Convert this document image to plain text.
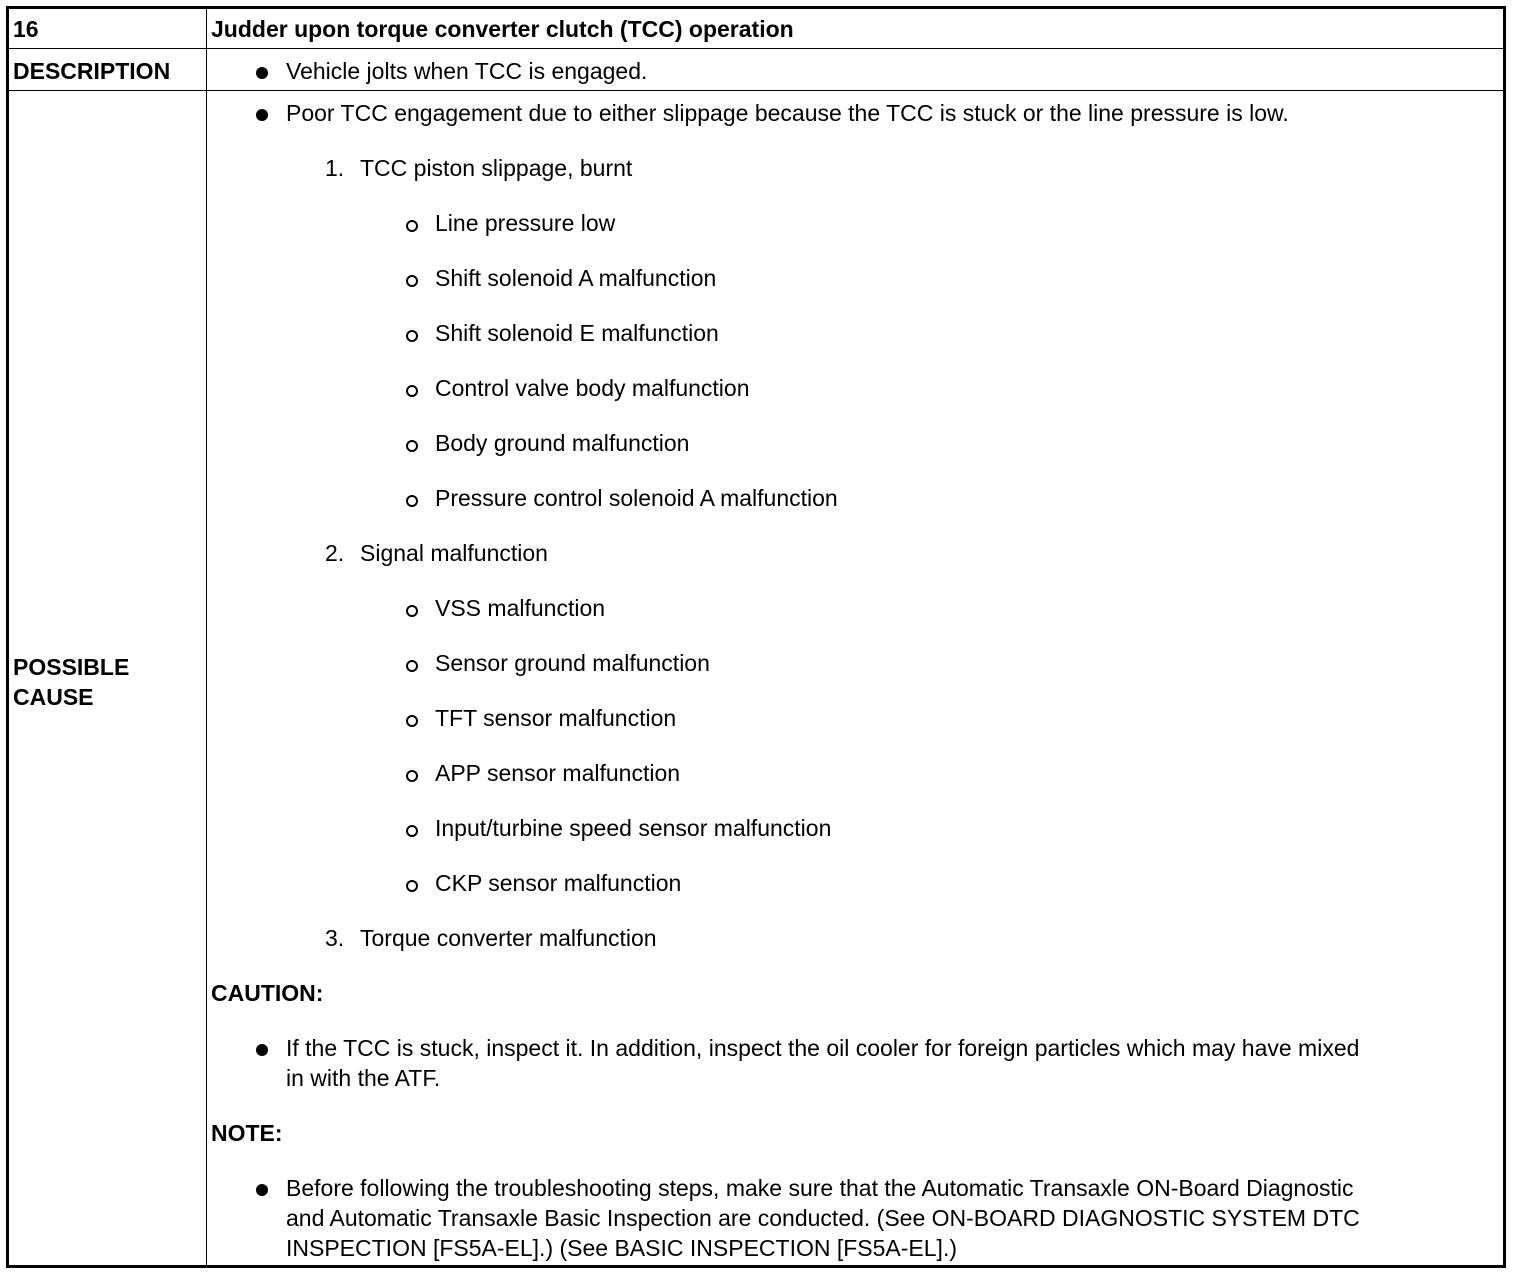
16	Judder upon torque converter clutch (TCC) operation
DESCRIPTION	Vehicle jolts when TCC is engaged.
POSSIBLE
CAUSE
Poor TCC engagement due to either slippage because the TCC is stuck or the line pressure is low.
1. TCC piston slippage, burnt
Line pressure low
Shift solenoid A malfunction
Shift solenoid E malfunction
Control valve body malfunction
Body ground malfunction
Pressure control solenoid A malfunction
2. Signal malfunction
VSS malfunction
Sensor ground malfunction
TFT sensor malfunction
APP sensor malfunction
Input/turbine speed sensor malfunction
CKP sensor malfunction
3. Torque converter malfunction
CAUTION:
If the TCC is stuck, inspect it. In addition, inspect the oil cooler for foreign particles which may have mixed
in with the ATF.
NOTE:
Before following the troubleshooting steps, make sure that the Automatic Transaxle ON-Board Diagnostic
and Automatic Transaxle Basic Inspection are conducted. (See ON-BOARD DIAGNOSTIC SYSTEM DTC
INSPECTION [FS5A-EL].) (See BASIC INSPECTION [FS5A-EL].)
